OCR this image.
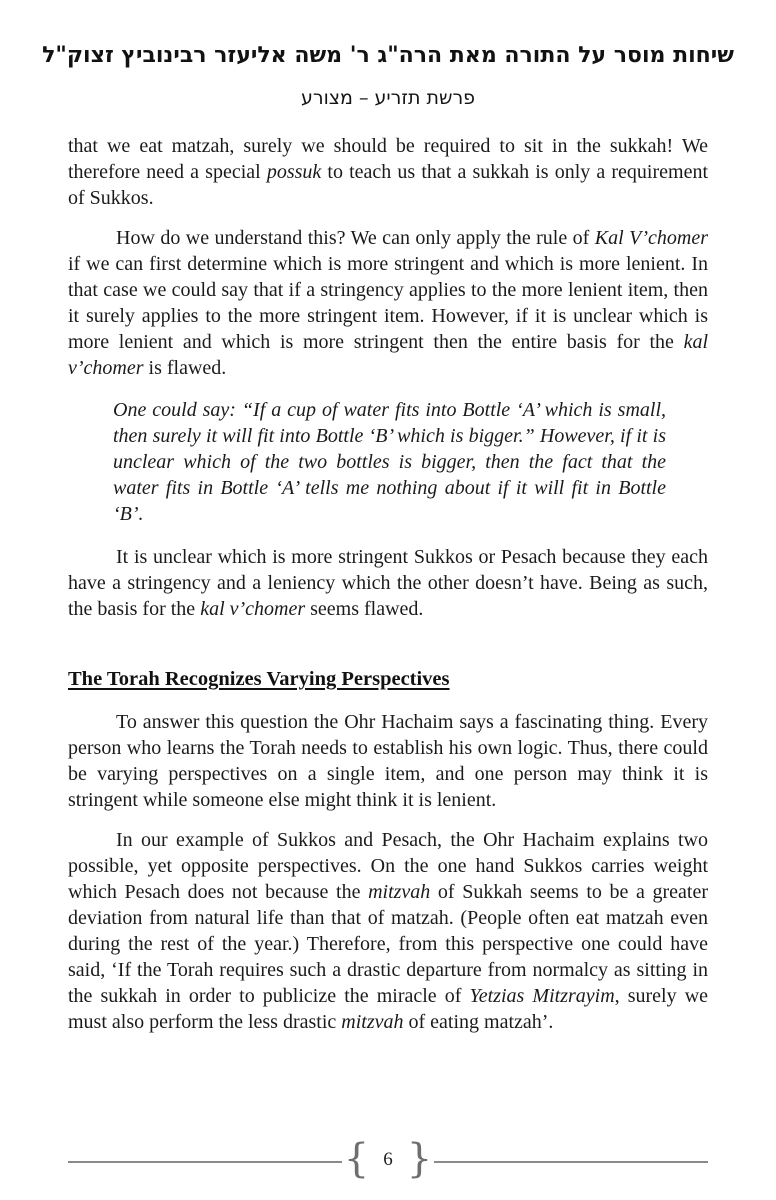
שיחות מוסר על התורה מאת הרה"ג ר' משה אליעזר רבינוביץ זצוק"ל
פרשת תזריע – מצורע

that we eat matzah, surely we should be required to sit in the sukkah! We therefore need a special possuk to teach us that a sukkah is only a requirement of Sukkos.

How do we understand this? We can only apply the rule of Kal V’chomer if we can first determine which is more stringent and which is more lenient. In that case we could say that if a stringency applies to the more lenient item, then it surely applies to the more stringent item. However, if it is unclear which is more lenient and which is more stringent then the entire basis for the kal v’chomer is flawed.

One could say: “If a cup of water fits into Bottle ‘A’ which is small, then surely it will fit into Bottle ‘B’ which is bigger.” However, if it is unclear which of the two bottles is bigger, then the fact that the water fits in Bottle ‘A’ tells me nothing about if it will fit in Bottle ‘B’.

It is unclear which is more stringent Sukkos or Pesach because they each have a stringency and a leniency which the other doesn’t have. Being as such, the basis for the kal v’chomer seems flawed.

The Torah Recognizes Varying Perspectives

To answer this question the Ohr Hachaim says a fascinating thing. Every person who learns the Torah needs to establish his own logic. Thus, there could be varying perspectives on a single item, and one person may think it is stringent while someone else might think it is lenient.

In our example of Sukkos and Pesach, the Ohr Hachaim explains two possible, yet opposite perspectives. On the one hand Sukkos carries weight which Pesach does not because the mitzvah of Sukkah seems to be a greater deviation from natural life than that of matzah. (People often eat matzah even during the rest of the year.) Therefore, from this perspective one could have said, ‘If the Torah requires such a drastic departure from normalcy as sitting in the sukkah in order to publicize the miracle of Yetzias Mitzrayim, surely we must also perform the less drastic mitzvah of eating matzah’.

{ 6 }
